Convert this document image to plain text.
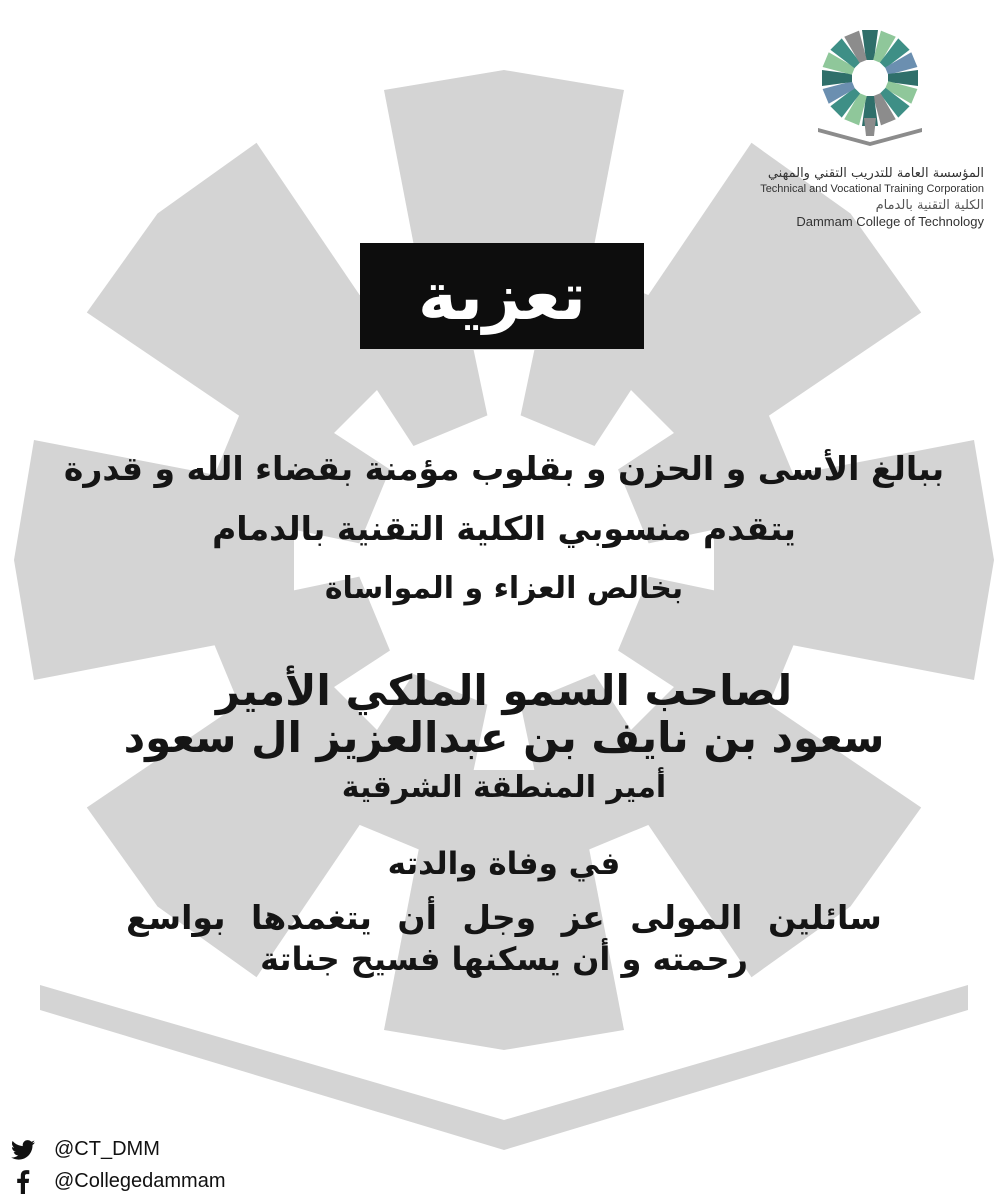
المؤسسة العامة للتدريب التقني والمهني
Technical and Vocational Training Corporation
الكلية التقنية بالدمام
Dammam College of Technology
تعزية
ببالغ الأسى و الحزن و بقلوب مؤمنة بقضاء الله و قدرة
يتقدم منسوبي الكلية التقنية بالدمام
بخالص العزاء و المواساة
لصاحب السمو الملكي الأمير
سعود بن نايف بن عبدالعزيز ال سعود
أمير المنطقة الشرقية
في وفاة والدته
سائلين المولى عز وجل أن يتغمدها بواسع
رحمته و أن يسكنها فسيح جناتة
@CT_DMM
@Collegedammam
